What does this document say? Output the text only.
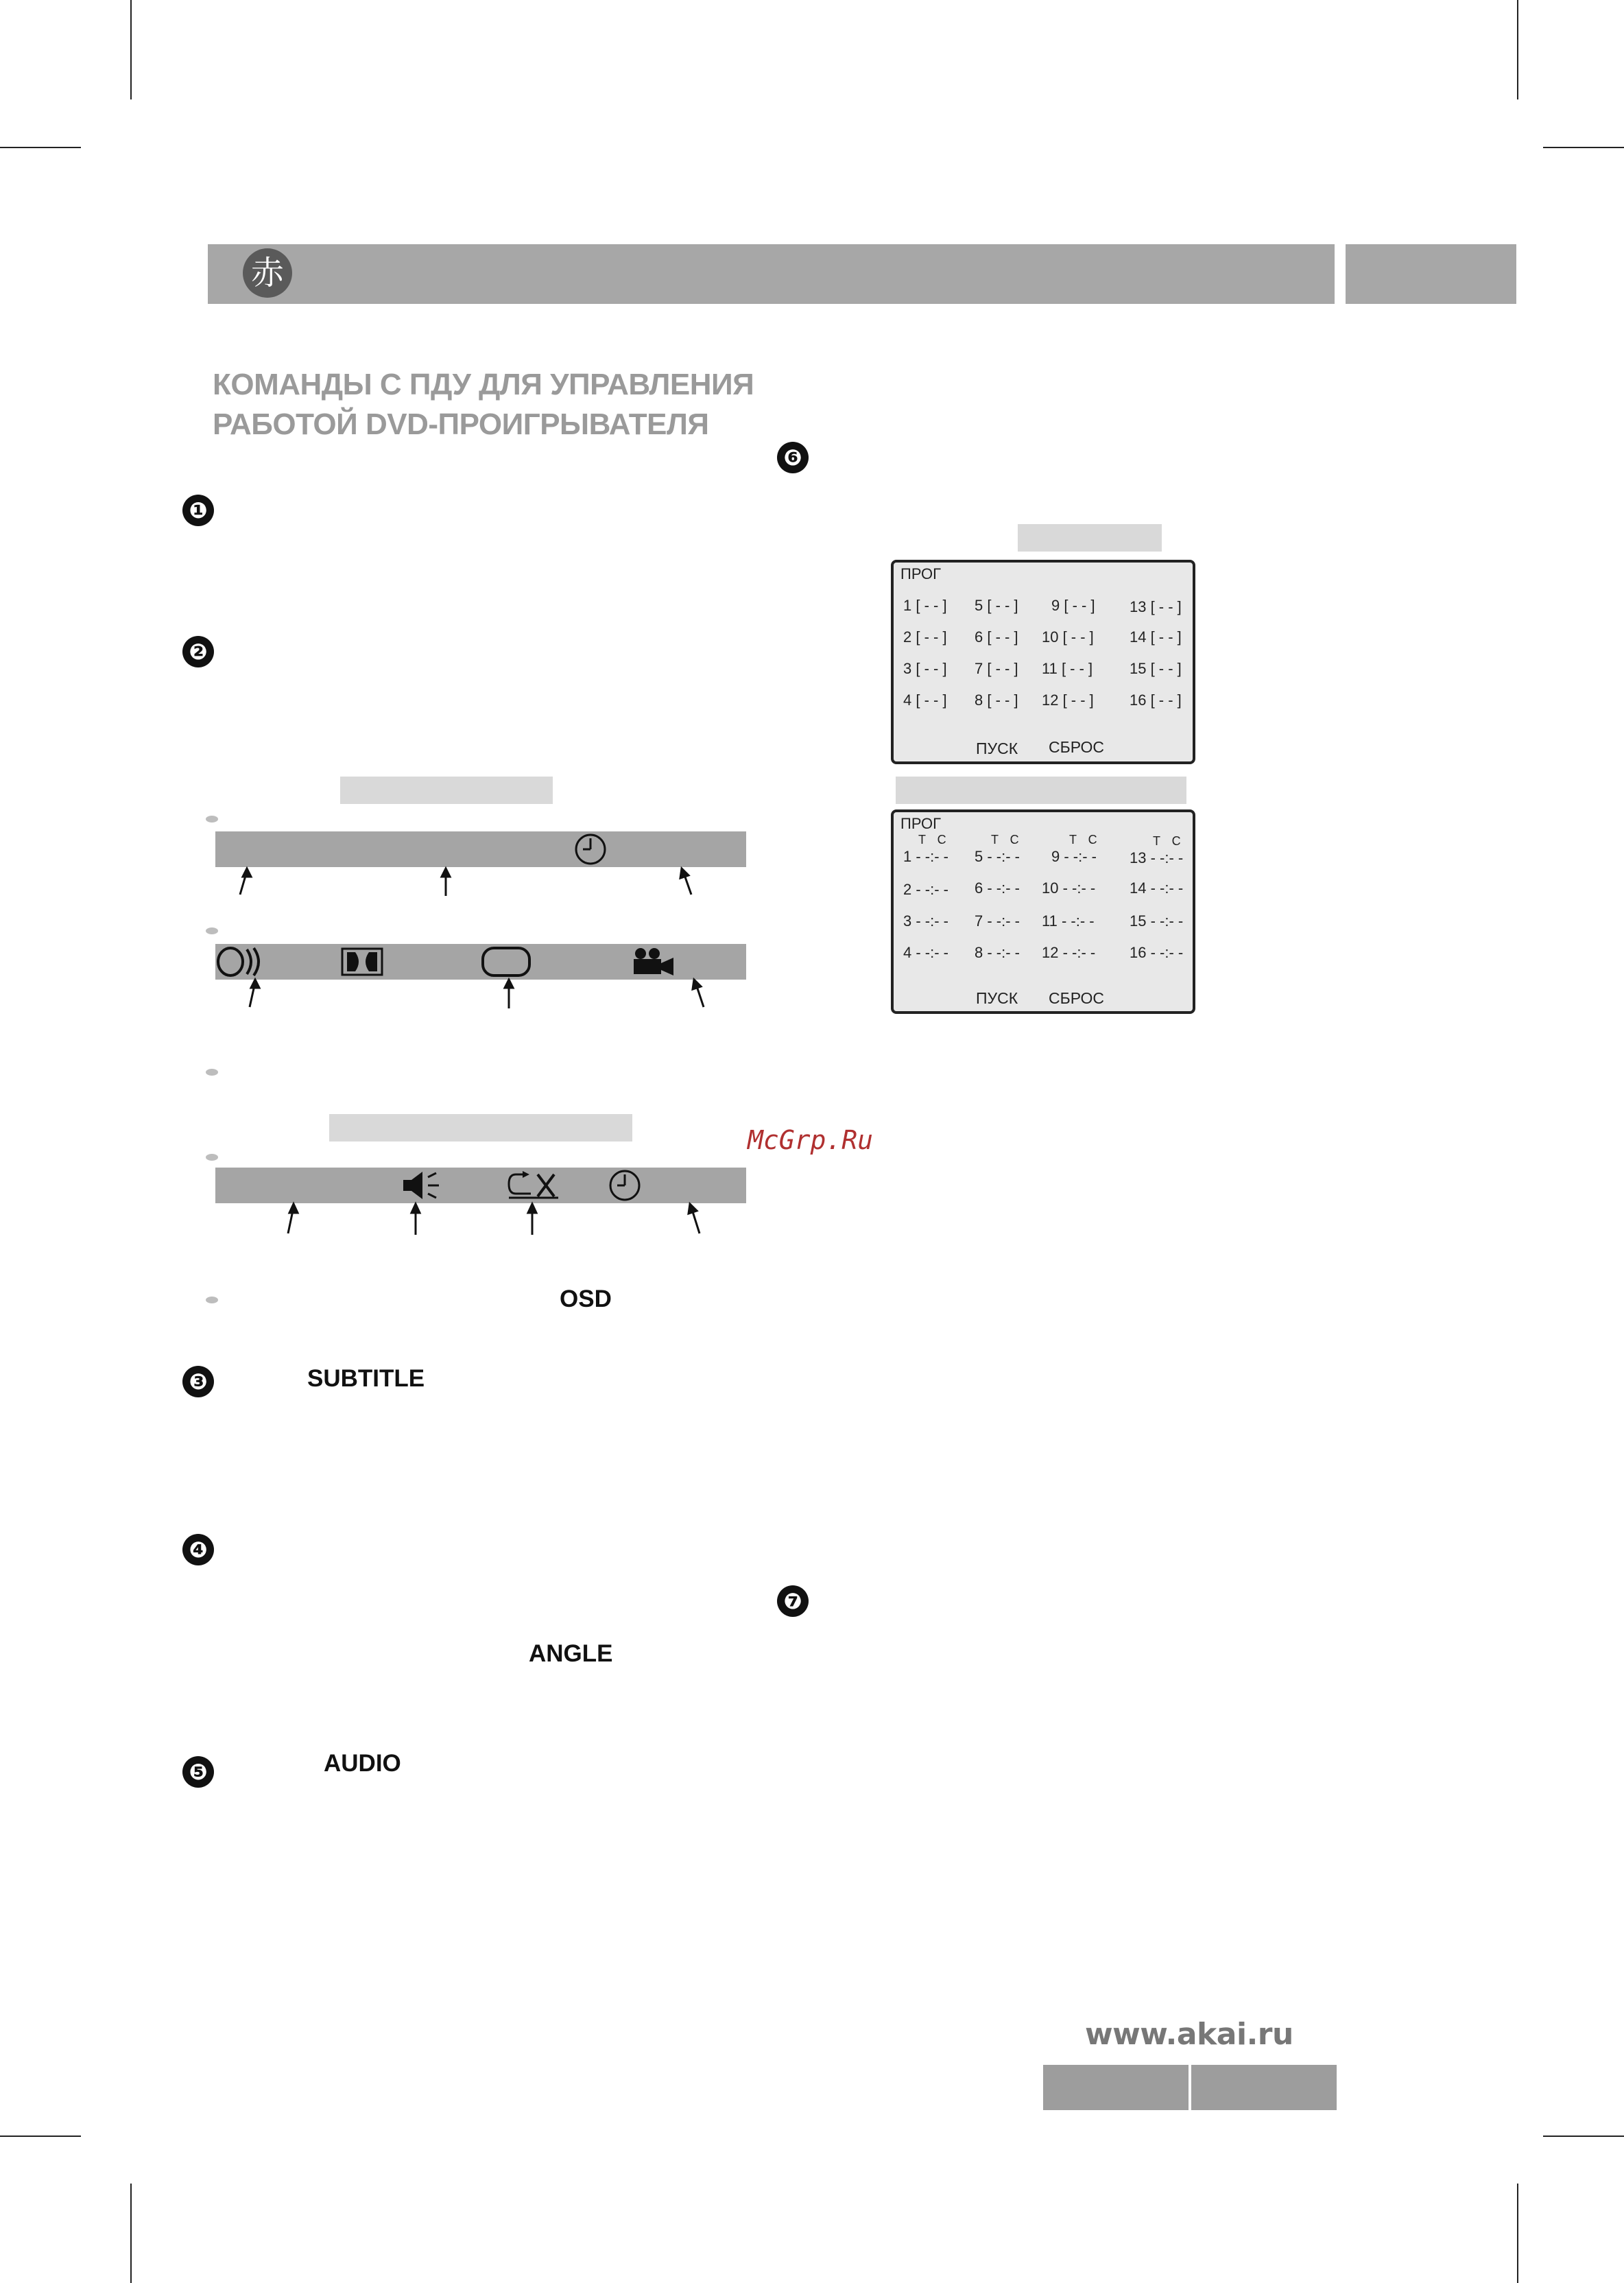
赤
КОМАНДЫ С ПДУ ДЛЯ УПРАВЛЕНИЯ
РАБОТОЙ DVD-ПРОИГРЫВАТЕЛЯ
❶
❷
❸
❹
❺
❻
❼
SUBTITLE
ANGLE
AUDIO
OSD
ПРОГ
1 [ - - ] 5 [ - - ] 9 [ - - ] 13 [ - - ]
2 [ - - ] 6 [ - - ] 10 [ - - ] 14 [ - - ]
3 [ - - ] 7 [ - - ] 11 [ - - ] 15 [ - - ]
4 [ - - ] 8 [ - - ] 12 [ - - ] 16 [ - - ]
ПУСК СБРОС
ПРОГ
T C	T C	T C	T C
1 - -:- - 5 - -:- - 9 - -:- - 13 - -:- -
2 - -:- - 6 - -:- - 10 - -:- - 14 - -:- -
3 - -:- - 7 - -:- - 11 - -:- - 15 - -:- -
4 - -:- - 8 - -:- - 12 - -:- - 16 - -:- -
ПУСК СБРОС
McGrp.Ru
www.akai.ru
